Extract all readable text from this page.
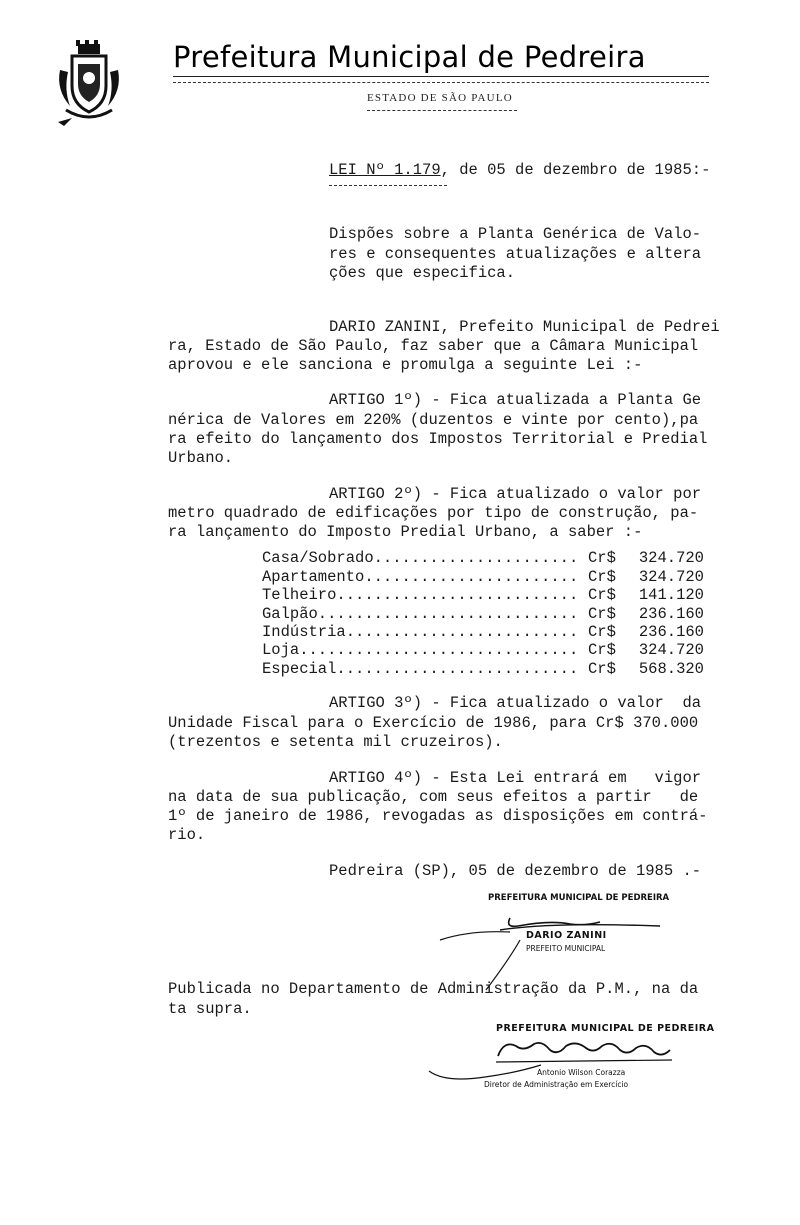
Prefeitura Municipal de Pedreira
ESTADO DE SÃO PAULO
LEI Nº 1.179, de 05 de dezembro de 1985:-
Dispões sobre a Planta Genérica de Valo-
res e consequentes atualizações e altera
ções que especifica.
DARIO ZANINI, Prefeito Municipal de Pedrei
ra, Estado de São Paulo, faz saber que a Câmara Municipal
aprovou e ele sanciona e promulga a seguinte Lei :-
ARTIGO 1º) - Fica atualizada a Planta Ge
nérica de Valores em 220% (duzentos e vinte por cento),pa
ra efeito do lançamento dos Impostos Territorial e Predial
Urbano.
ARTIGO 2º) - Fica atualizado o valor por
metro quadrado de edificações por tipo de construção, pa-
ra lançamento do Imposto Predial Urbano, a saber :-

Casa/Sobrado......................

Cr$

324.720

Apartamento.......................

Cr$

324.720

Telheiro..........................

Cr$

141.120

Galpão............................

Cr$

236.160

Indústria.........................

Cr$

236.160

Loja..............................

Cr$

324.720

Especial..........................

Cr$

568.320

ARTIGO 3º) - Fica atualizado o valor  da
Unidade Fiscal para o Exercício de 1986, para Cr$ 370.000
(trezentos e setenta mil cruzeiros).
ARTIGO 4º) - Esta Lei entrará em   vigor
na data de sua publicação, com seus efeitos a partir   de
1º de janeiro de 1986, revogadas as disposições em contrá-
rio.
Pedreira (SP), 05 de dezembro de 1985 .-
PREFEITURA MUNICIPAL DE PEDREIRA
DARIO ZANINI
PREFEITO MUNICIPAL
Publicada no Departamento de Administração da P.M., na da
ta supra.
PREFEITURA MUNICIPAL DE PEDREIRA
Antonio Wilson Corazza
Diretor de Administração em Exercício
